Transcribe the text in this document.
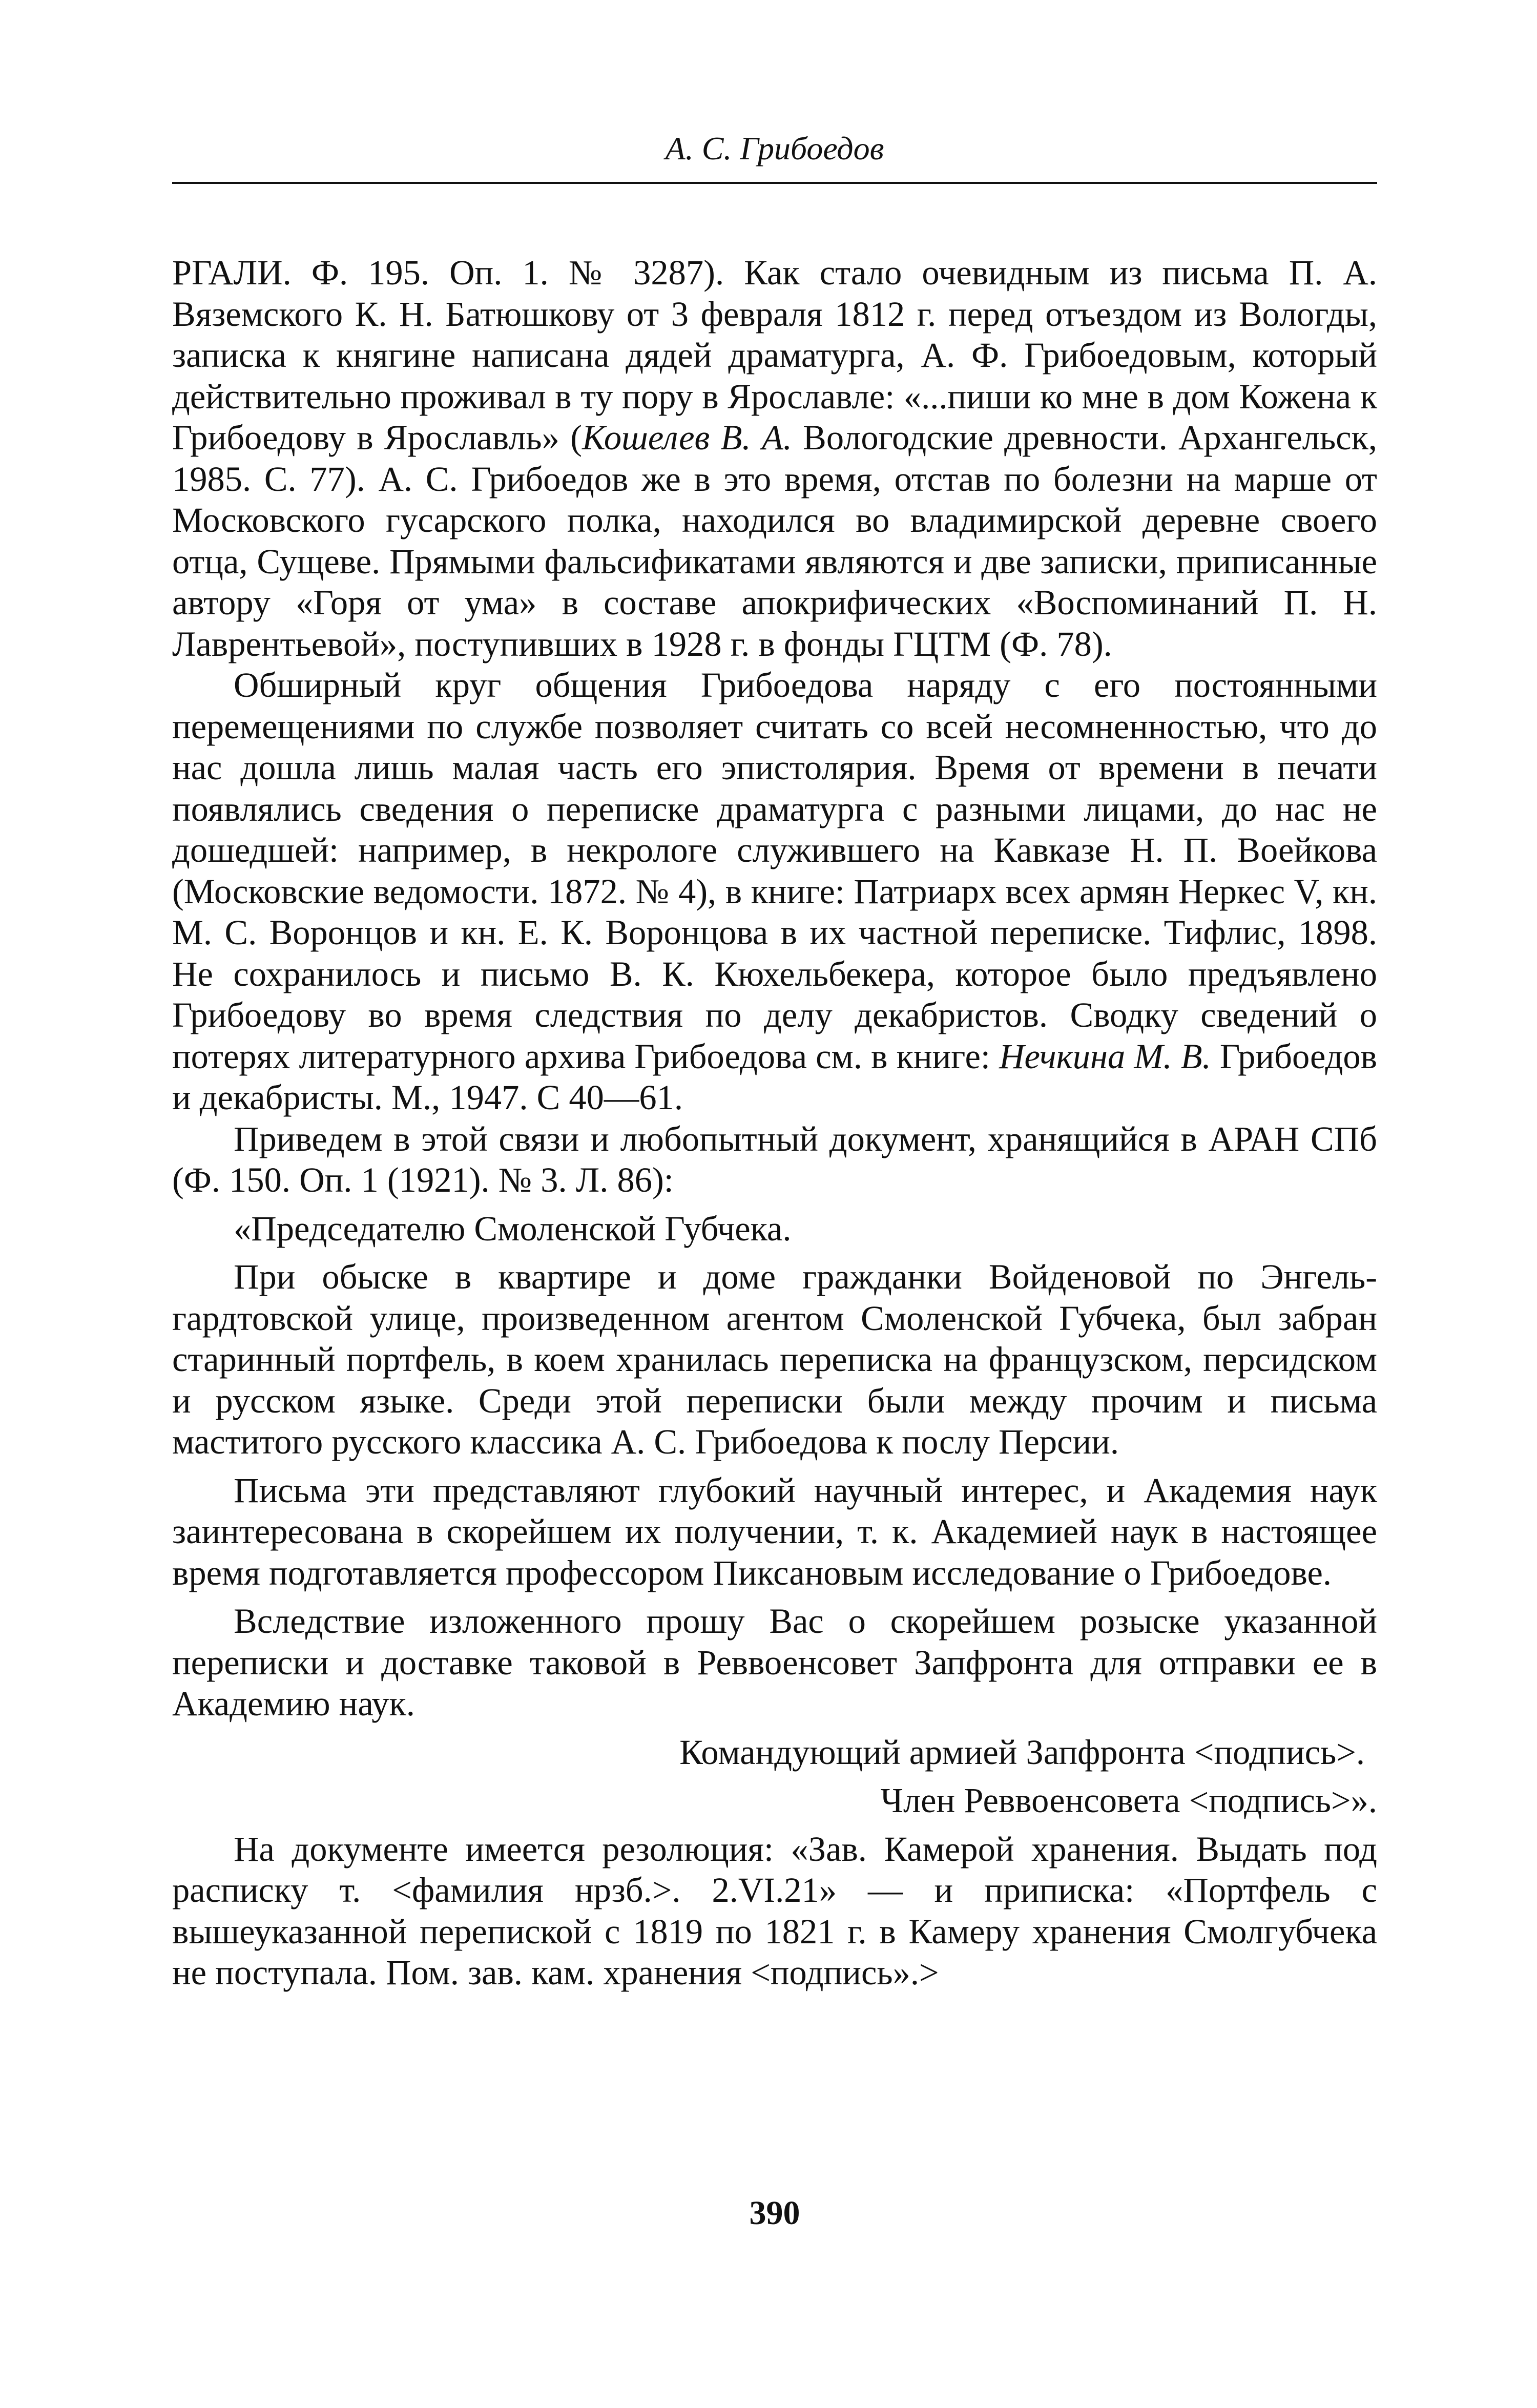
А. С. Грибоедов

РГАЛИ. Ф. 195. Оп. 1. № 3287). Как стало очевидным из письма П. А. Вяземского К. Н. Батюшкову от 3 февраля 1812 г. перед отъездом из Вологды, записка к княгине написана дядей драматурга, А. Ф. Грибоедовым, который действительно проживал в ту пору в Ярославле: «...пиши ко мне в дом Кожена к Грибоедову в Ярославль» (Кошелев В. А. Вологодские древности. Архангельск, 1985. С. 77). А. С. Грибоедов же в это время, отстав по болезни на марше от Московского гусарского полка, находился во владимирской деревне своего отца, Сущеве. Прямыми фальсификатами являются и две записки, приписанные автору «Горя от ума» в составе апокрифических «Воспоминаний П. Н. Лаврентьевой», поступивших в 1928 г. в фонды ГЦТМ (Ф. 78).

Обширный круг общения Грибоедова наряду с его постоянными перемещениями по службе позволяет считать со всей несомненностью, что до нас дошла лишь малая часть его эпистолярия. Время от времени в печати появлялись сведения о переписке драматурга с разными лицами, до нас не дошедшей: например, в некрологе служившего на Кавказе Н. П. Воейкова (Московские ведомости. 1872. № 4), в книге: Патриарх всех армян Неркес V, кн. М. С. Воронцов и кн. Е. К. Воронцова в их частной переписке. Тифлис, 1898. Не сохранилось и письмо В. К. Кюхельбекера, которое было предъявлено Грибоедову во время следствия по делу декабристов. Сводку сведений о потерях литературного архива Грибоедова см. в книге: Нечкина М. В. Грибоедов и декабристы. М., 1947. С 40—61.

Приведем в этой связи и любопытный документ, хранящийся в АРАН СПб (Ф. 150. Оп. 1 (1921). № 3. Л. 86):

«Председателю Смоленской Губчека.

При обыске в квартире и доме гражданки Войденовой по Энгельгардтовской улице, произведенном агентом Смоленской Губчека, был забран старинный портфель, в коем хранилась переписка на французском, персидском и русском языке. Среди этой переписки были между прочим и письма маститого русского классика А. С. Грибоедова к послу Персии.

Письма эти представляют глубокий научный интерес, и Академия наук заинтересована в скорейшем их получении, т. к. Академией наук в настоящее время подготавляется профессором Пиксановым исследование о Грибоедове.

Вследствие изложенного прошу Вас о скорейшем розыске указанной переписки и доставке таковой в Реввоенсовет Запфронта для отправки ее в Академию наук.

Командующий армией Запфронта <подпись>.

Член Реввоенсовета <подпись>».

На документе имеется резолюция: «Зав. Камерой хранения. Выдать под расписку т. <фамилия нрзб.>. 2.VI.21» — и приписка: «Портфель с вышеуказанной перепиской с 1819 по 1821 г. в Камеру хранения Смолгубчека не поступала. Пом. зав. кам. хранения <подпись».>

390
